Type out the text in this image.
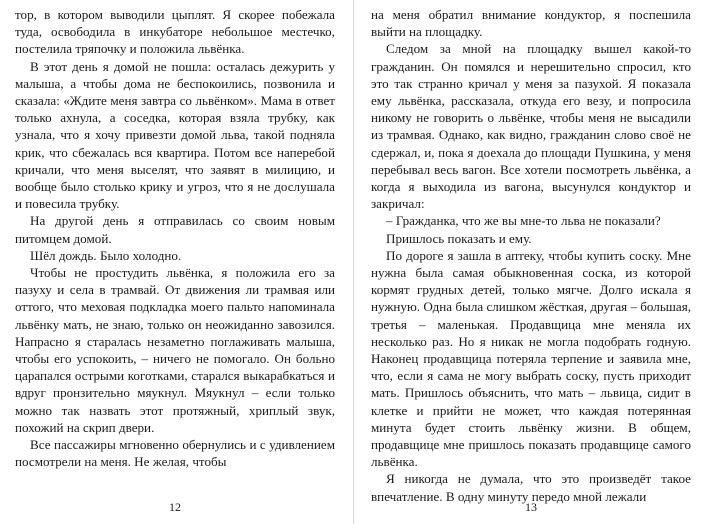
тор, в котором выводили цыплят. Я скорее побежала туда, освободила в инкубаторе небольшое местечко, постелила тряпочку и положила львёнка.

В этот день я домой не пошла: осталась дежурить у малыша, а чтобы дома не беспокоились, позвонила и сказала: «Ждите меня завтра со львёнком». Мама в ответ только ахнула, а соседка, которая взяла трубку, как узнала, что я хочу привезти домой льва, такой подняла крик, что сбежалась вся квартира. Потом все наперебой кричали, что меня выселят, что заявят в милицию, и вообще было столько крику и угроз, что я не дослушала и повесила трубку.

На другой день я отправилась со своим новым питомцем домой.

Шёл дождь. Было холодно.

Чтобы не простудить львёнка, я положила его за пазуху и села в трамвай. От движения ли трамвая или оттого, что меховая подкладка моего пальто напоминала львёнку мать, не знаю, только он неожиданно завозился. Напрасно я старалась незаметно поглаживать малыша, чтобы его успокоить, – ничего не помогало. Он больно царапался острыми коготками, старался выкарабкаться и вдруг пронзительно мяукнул. Мяукнул – если только можно так назвать этот протяжный, хриплый звук, похожий на скрип двери.

Все пассажиры мгновенно обернулись и с удивлением посмотрели на меня. Не желая, чтобы

12

на меня обратил внимание кондуктор, я поспешила выйти на площадку.

Следом за мной на площадку вышел какой-то гражданин. Он помялся и нерешительно спросил, кто это так странно кричал у меня за пазухой. Я показала ему львёнка, рассказала, откуда его везу, и попросила никому не говорить о львёнке, чтобы меня не высадили из трамвая. Однако, как видно, гражданин слово своё не сдержал, и, пока я доехала до площади Пушкина, у меня перебывал весь вагон. Все хотели посмотреть львёнка, а когда я выходила из вагона, высунулся кондуктор и закричал:

– Гражданка, что же вы мне-то льва не показали?

Пришлось показать и ему.

По дороге я зашла в аптеку, чтобы купить соску. Мне нужна была самая обыкновенная соска, из которой кормят грудных детей, только мягче. Долго искала я нужную. Одна была слишком жёсткая, другая – большая, третья – маленькая. Продавщица мне меняла их несколько раз. Но я никак не могла подобрать годную. Наконец продавщица потеряла терпение и заявила мне, что, если я сама не могу выбрать соску, пусть приходит мать. Пришлось объяснить, что мать – львица, сидит в клетке и прийти не может, что каждая потерянная минута будет стоить львёнку жизни. В общем, продавщице мне пришлось показать продавщице самого львёнка.

Я никогда не думала, что это произведёт такое впечатление. В одну минуту передо мной лежали

13
